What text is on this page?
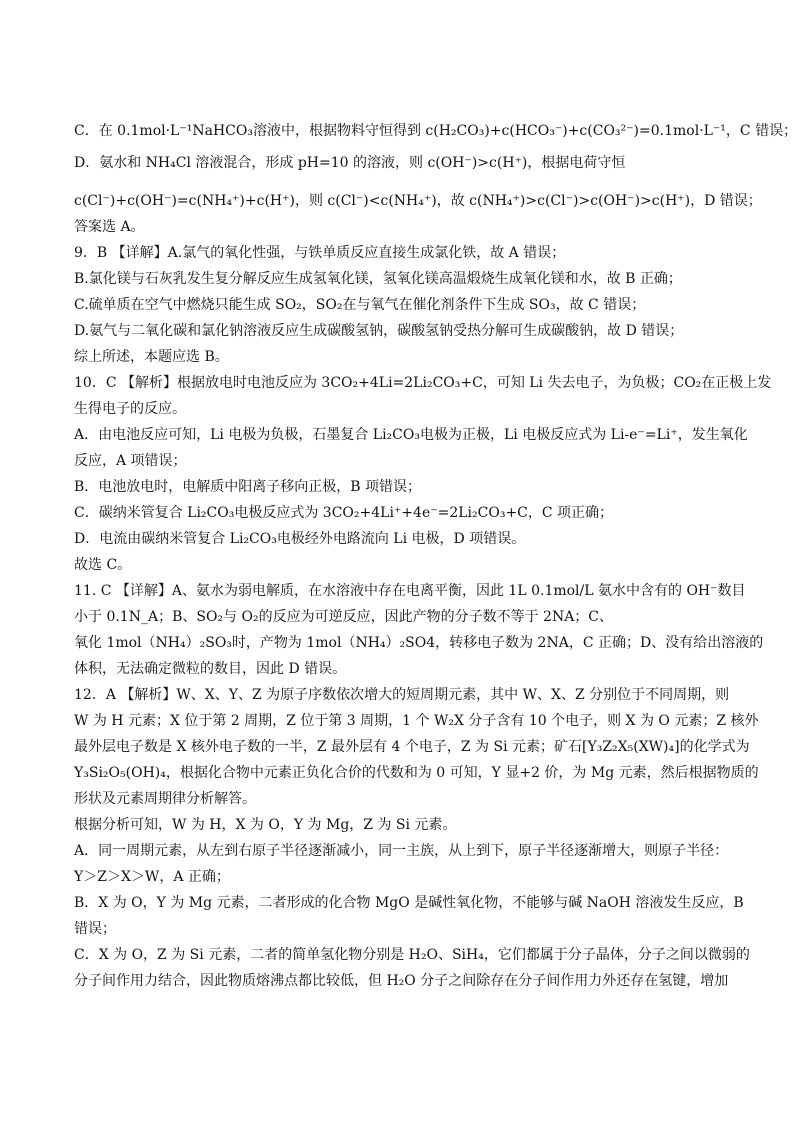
C．在 0.1mol·L⁻¹NaHCO₃溶液中，根据物料守恒得到 c(H₂CO₃)+c(HCO₃⁻)+c(CO₃²⁻)=0.1mol·L⁻¹，C 错误；
D．氨水和 NH₄Cl 溶液混合，形成 pH=10 的溶液，则 c(OH⁻)>c(H⁺)，根据电荷守恒
c(Cl⁻)+c(OH⁻)=c(NH₄⁺)+c(H⁺)，则 c(Cl⁻)<c(NH₄⁺)，故 c(NH₄⁺)>c(Cl⁻)>c(OH⁻)>c(H⁺)，D 错误；
答案选 A。
9．B 【详解】A.氯气的氧化性强，与铁单质反应直接生成氯化铁，故 A 错误；
B.氯化镁与石灰乳发生复分解反应生成氢氧化镁，氢氧化镁高温煅烧生成氧化镁和水，故 B 正确；
C.硫单质在空气中燃烧只能生成 SO₂，SO₂在与氧气在催化剂条件下生成 SO₃，故 C 错误；
D.氨气与二氧化碳和氯化钠溶液反应生成碳酸氢钠，碳酸氢钠受热分解可生成碳酸钠，故 D 错误；
综上所述，本题应选 B。
10．C 【解析】根据放电时电池反应为 3CO₂+4Li=2Li₂CO₃+C，可知 Li 失去电子，为负极；CO₂在正极上发
生得电子的反应。
A．由电池反应可知，Li 电极为负极，石墨复合 Li₂CO₃电极为正极，Li 电极反应式为 Li-e⁻=Li⁺，发生氧化
反应，A 项错误；
B．电池放电时，电解质中阳离子移向正极，B 项错误；
C．碳纳米管复合 Li₂CO₃电极反应式为 3CO₂+4Li⁺+4e⁻=2Li₂CO₃+C，C 项正确；
D．电流由碳纳米管复合 Li₂CO₃电极经外电路流向 Li 电极，D 项错误。
故选 C。
11. C 【详解】A、氨水为弱电解质，在水溶液中存在电离平衡，因此 1L 0.1mol/L 氨水中含有的 OH⁻数目
小于 0.1N_A；B、SO₂与 O₂的反应为可逆反应，因此产物的分子数不等于 2NA；C、
氧化 1mol（NH₄）₂SO₃时，产物为 1mol（NH₄）₂SO4，转移电子数为 2NA，C 正确；D、没有给出溶液的
体积，无法确定微粒的数目，因此 D 错误。
12．A 【解析】W、X、Y、Z 为原子序数依次增大的短周期元素，其中 W、X、Z 分别位于不同周期，则
W 为 H 元素；X 位于第 2 周期，Z 位于第 3 周期，1 个 W₂X 分子含有 10 个电子，则 X 为 O 元素；Z 核外
最外层电子数是 X 核外电子数的一半，Z 最外层有 4 个电子，Z 为 Si 元素；矿石[Y₃Z₂X₅(XW)₄]的化学式为
Y₃Si₂O₅(OH)₄，根据化合物中元素正负化合价的代数和为 0 可知，Y 显+2 价，为 Mg 元素，然后根据物质的
形状及元素周期律分析解答。
根据分析可知，W 为 H，X 为 O，Y 为 Mg，Z 为 Si 元素。
A．同一周期元素，从左到右原子半径逐渐减小，同一主族，从上到下，原子半径逐渐增大，则原子半径：
Y＞Z＞X＞W，A 正确；
B．X 为 O，Y 为 Mg 元素，二者形成的化合物 MgO 是碱性氧化物，不能够与碱 NaOH 溶液发生反应，B
错误；
C．X 为 O，Z 为 Si 元素，二者的简单氢化物分别是 H₂O、SiH₄，它们都属于分子晶体，分子之间以微弱的
分子间作用力结合，因此物质熔沸点都比较低，但 H₂O 分子之间除存在分子间作用力外还存在氢键，增加
